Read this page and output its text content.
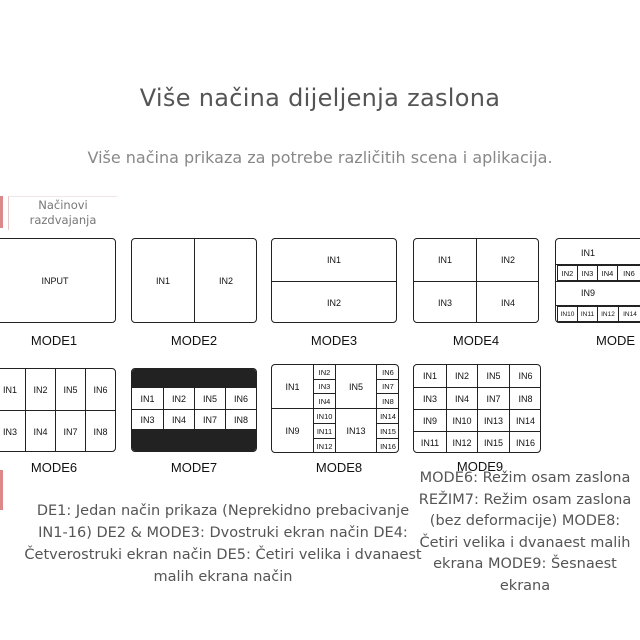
Više načina dijeljenja zaslona
Više načina prikaza za potrebe različitih scena i aplikacija.
Načinovi
razdvajanja
INPUT
MODE1
IN1	IN2
MODE2
IN1
IN2
MODE3
IN1	IN2
IN3	IN4
MODE4
IN1
IN2	IN3	IN4	IN6
IN9
IN10	IN11	IN12	IN14
MODE
IN1	IN2	IN5	IN6
IN3	IN4	IN7	IN8
MODE6
IN1	IN2	IN5	IN6
IN3	IN4	IN7	IN8
MODE7
IN1
IN2
IN3
IN4
IN5
IN6
IN7
IN8
IN9
IN10
IN11
IN12
IN13
IN14
IN15
IN16
MODE8
IN1	IN2	IN5	IN6
IN3	IN4	IN7	IN8
IN9	IN10	IN13	IN14
IN11	IN12	IN15	IN16
MODE9
DE1: Jedan način prikaza (Neprekidno prebacivanje IN1-16) DE2 & MODE3: Dvostruki ekran način DE4: Četverostruki ekran način DE5: Četiri velika i dvanaest malih ekrana način
MODE6: Režim osam zaslona REŽIM7: Režim osam zaslona (bez deformacije) MODE8: Četiri velika i dvanaest malih ekrana MODE9: Šesnaest ekrana
